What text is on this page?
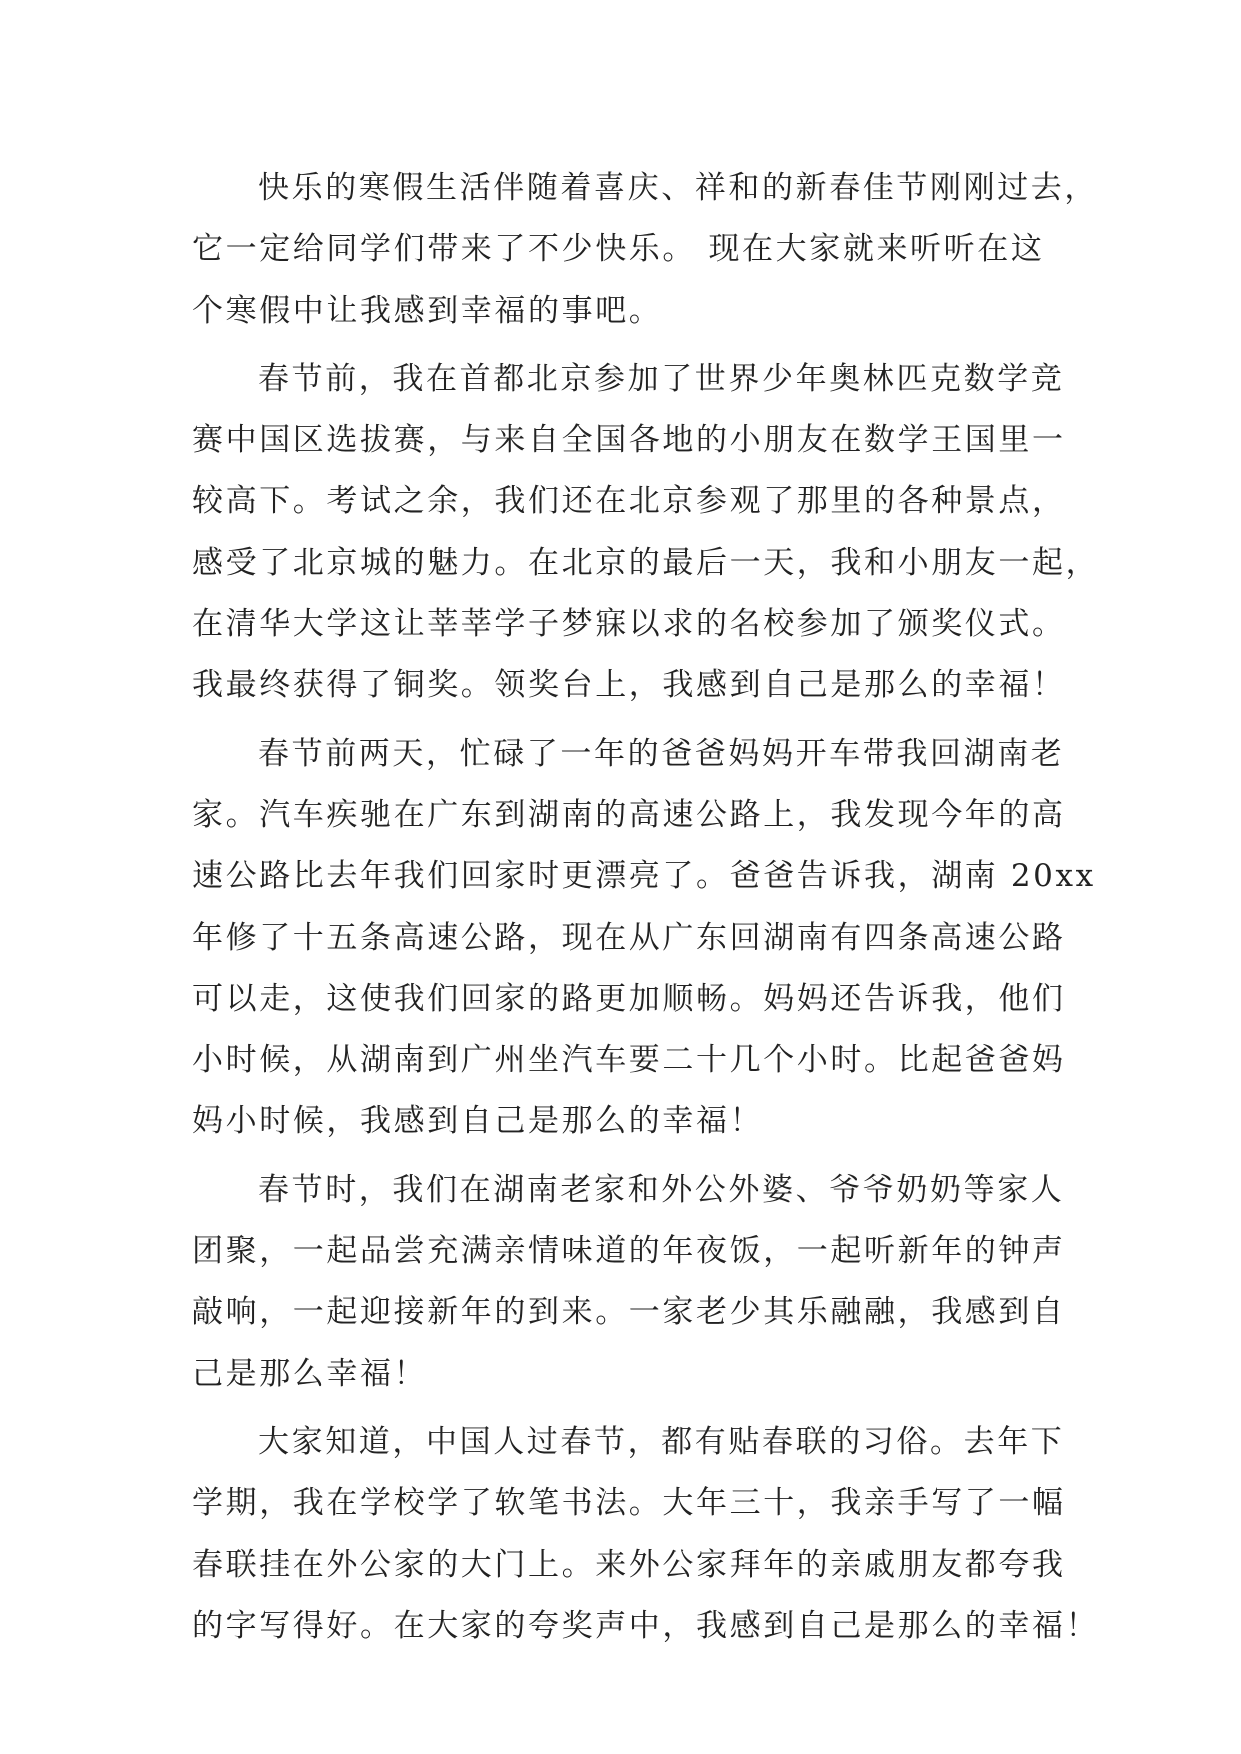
快乐的寒假生活伴随着喜庆、祥和的新春佳节刚刚过去，
它一定给同学们带来了不少快乐。 现在大家就来听听在这
个寒假中让我感到幸福的事吧。
春节前，我在首都北京参加了世界少年奥林匹克数学竞
赛中国区选拔赛，与来自全国各地的小朋友在数学王国里一
较高下。考试之余，我们还在北京参观了那里的各种景点，
感受了北京城的魅力。在北京的最后一天，我和小朋友一起，
在清华大学这让莘莘学子梦寐以求的名校参加了颁奖仪式。
我最终获得了铜奖。领奖台上，我感到自己是那么的幸福！
春节前两天，忙碌了一年的爸爸妈妈开车带我回湖南老
家。汽车疾驰在广东到湖南的高速公路上，我发现今年的高
速公路比去年我们回家时更漂亮了。爸爸告诉我，湖南 20xx
年修了十五条高速公路，现在从广东回湖南有四条高速公路
可以走，这使我们回家的路更加顺畅。妈妈还告诉我，他们
小时候，从湖南到广州坐汽车要二十几个小时。比起爸爸妈
妈小时候，我感到自己是那么的幸福！
春节时，我们在湖南老家和外公外婆、爷爷奶奶等家人
团聚，一起品尝充满亲情味道的年夜饭，一起听新年的钟声
敲响，一起迎接新年的到来。一家老少其乐融融，我感到自
己是那么幸福！
大家知道，中国人过春节，都有贴春联的习俗。去年下
学期，我在学校学了软笔书法。大年三十，我亲手写了一幅
春联挂在外公家的大门上。来外公家拜年的亲戚朋友都夸我
的字写得好。在大家的夸奖声中，我感到自己是那么的幸福！
